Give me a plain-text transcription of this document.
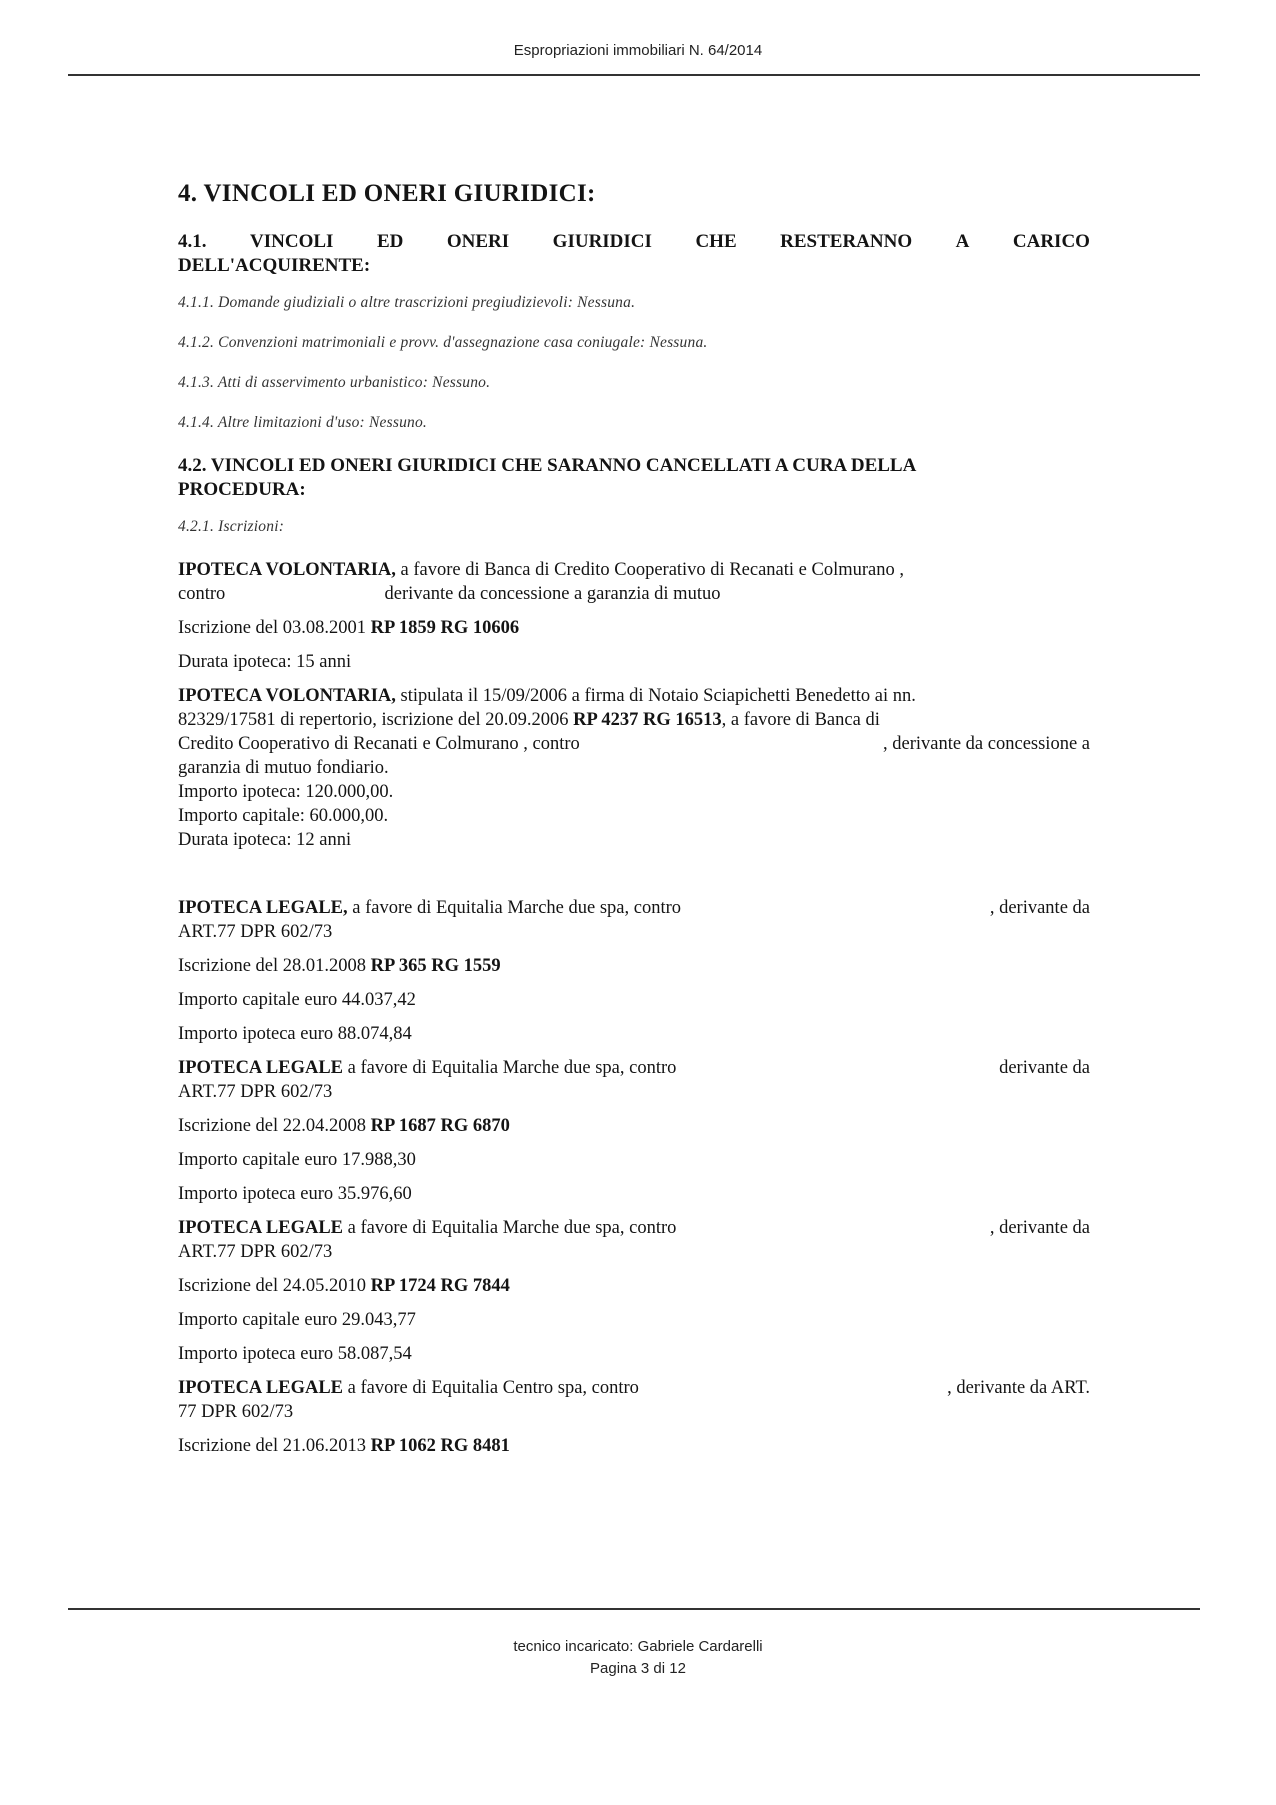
Espropriazioni immobiliari N. 64/2014
4. VINCOLI ED ONERI GIURIDICI:
4.1. VINCOLI ED ONERI GIURIDICI CHE RESTERANNO A CARICO
DELL'ACQUIRENTE:
4.1.1. Domande giudiziali o altre trascrizioni pregiudizievoli: Nessuna.
4.1.2. Convenzioni matrimoniali e provv. d'assegnazione casa coniugale: Nessuna.
4.1.3. Atti di asservimento urbanistico: Nessuno.
4.1.4. Altre limitazioni d'uso: Nessuno.
4.2. VINCOLI ED ONERI GIURIDICI CHE SARANNO CANCELLATI A CURA DELLA
PROCEDURA:
4.2.1. Iscrizioni:
IPOTECA VOLONTARIA, a favore di Banca di Credito Cooperativo di Recanati e Colmurano ,
contro	derivante da concessione a garanzia di mutuo
Iscrizione del 03.08.2001 RP 1859 RG 10606
Durata ipoteca: 15 anni
IPOTECA VOLONTARIA, stipulata il 15/09/2006 a firma di Notaio Sciapichetti Benedetto ai nn.
82329/17581 di repertorio, iscrizione del 20.09.2006 RP 4237 RG 16513, a favore di Banca di
Credito Cooperativo di Recanati e Colmurano , contro	, derivante da concessione a
garanzia di mutuo fondiario.
Importo ipoteca: 120.000,00.
Importo capitale: 60.000,00.
Durata ipoteca: 12 anni
IPOTECA LEGALE, a favore di Equitalia Marche due spa, contro	, derivante da
ART.77 DPR 602/73
Iscrizione del 28.01.2008 RP 365 RG 1559
Importo capitale euro 44.037,42
Importo ipoteca euro 88.074,84
IPOTECA LEGALE a favore di Equitalia Marche due spa, contro	derivante da
ART.77 DPR 602/73
Iscrizione del 22.04.2008 RP 1687 RG 6870
Importo capitale euro 17.988,30
Importo ipoteca euro 35.976,60
IPOTECA LEGALE a favore di Equitalia Marche due spa, contro	, derivante da
ART.77 DPR 602/73
Iscrizione del 24.05.2010 RP 1724 RG 7844
Importo capitale euro 29.043,77
Importo ipoteca euro 58.087,54
IPOTECA LEGALE a favore di Equitalia Centro spa, contro	, derivante da ART.
77 DPR 602/73
Iscrizione del 21.06.2013 RP 1062 RG 8481
tecnico incaricato: Gabriele Cardarelli
Pagina 3 di 12
